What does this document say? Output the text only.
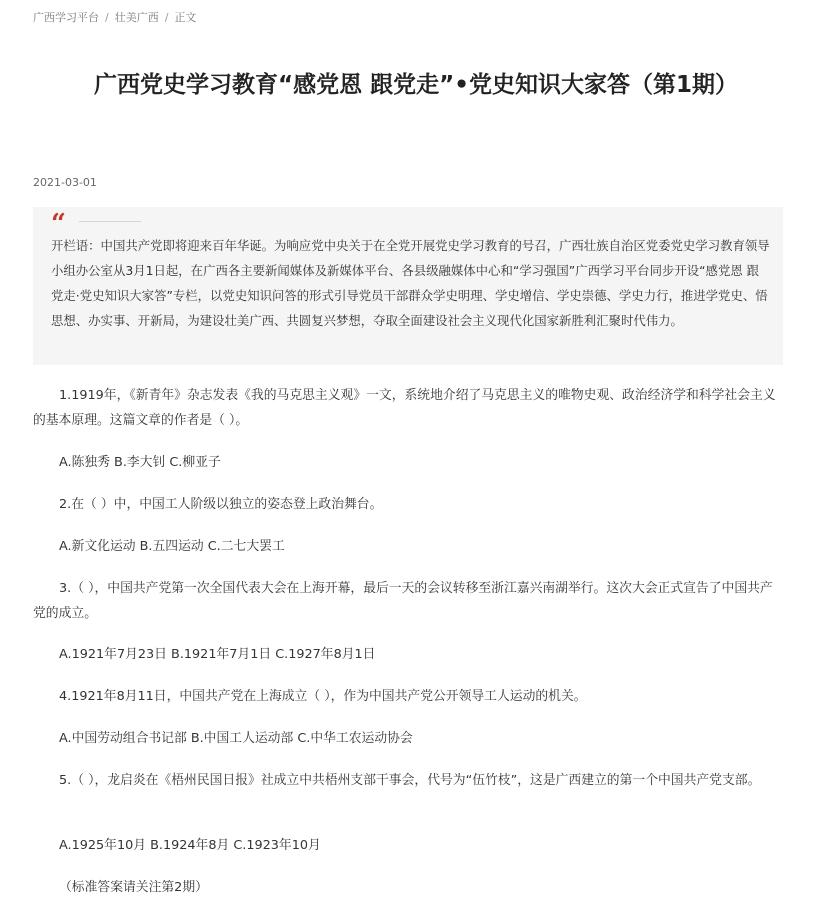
广西学习平台 / 壮美广西 / 正文
广西党史学习教育“感党恩 跟党走”•党史知识大家答（第1期）
2021-03-01
“

开栏语：中国共产党即将迎来百年华诞。为响应党中央关于在全党开展党史学习教育的号召，广西壮族自治区党委党史学习教育领导小组办公室从3月1日起，在广西各主要新闻媒体及新媒体平台、各县级融媒体中心和“学习强国”广西学习平台同步开设“感党恩 跟党走·党史知识大家答”专栏，以党史知识问答的形式引导党员干部群众学史明理、学史增信、学史崇德、学史力行，推进学党史、悟思想、办实事、开新局，为建设壮美广西、共圆复兴梦想，夺取全面建设社会主义现代化国家新胜利汇聚时代伟力。

1.1919年，《新青年》杂志发表《我的马克思主义观》一文，系统地介绍了马克思主义的唯物史观、政治经济学和科学社会主义的基本原理。这篇文章的作者是（ ）。

A.陈独秀 B.李大钊 C.柳亚子

2.在（ ）中，中国工人阶级以独立的姿态登上政治舞台。

A.新文化运动 B.五四运动 C.二七大罢工

3.（ ），中国共产党第一次全国代表大会在上海开幕，最后一天的会议转移至浙江嘉兴南湖举行。这次大会正式宣告了中国共产党的成立。

A.1921年7月23日 B.1921年7月1日 C.1927年8月1日

4.1921年8月11日，中国共产党在上海成立（ ），作为中国共产党公开领导工人运动的机关。

A.中国劳动组合书记部 B.中国工人运动部 C.中华工农运动协会

5.（ ），龙启炎在《梧州民国日报》社成立中共梧州支部干事会，代号为“伍竹枝”，这是广西建立的第一个中国共产党支部。

A.1925年10月 B.1924年8月 C.1923年10月

（标准答案请关注第2期）
